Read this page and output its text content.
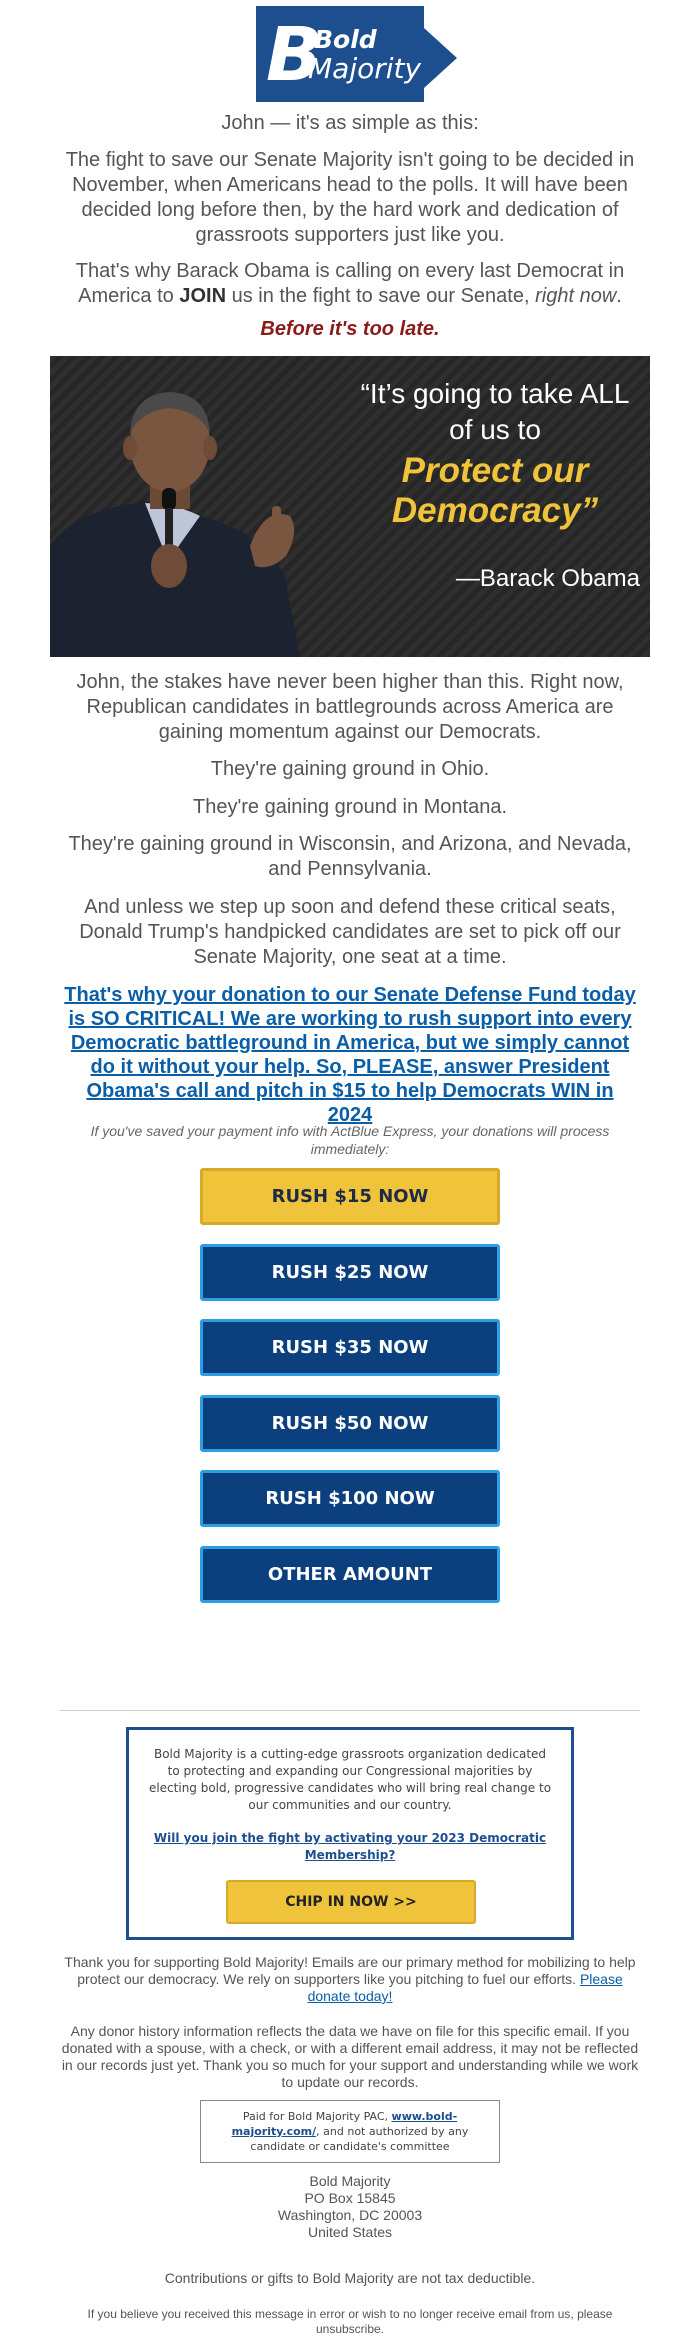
B
Bold
Majority
John — it's as simple as this:
The fight to save our Senate Majority isn't going to be decided in November, when Americans head to the polls. It will have been decided long before then, by the hard work and dedication of grassroots supporters just like you.
That's why Barack Obama is calling on every last Democrat in America to JOIN us in the fight to save our Senate, right now.
Before it's too late.
“It’s going to take ALL
of us to
Protect our
Democracy”
—Barack Obama
John, the stakes have never been higher than this. Right now, Republican candidates in battlegrounds across America are gaining momentum against our Democrats.
They're gaining ground in Ohio.
They're gaining ground in Montana.
They're gaining ground in Wisconsin, and Arizona, and Nevada, and Pennsylvania.
And unless we step up soon and defend these critical seats, Donald Trump's handpicked candidates are set to pick off our Senate Majority, one seat at a time.
That's why your donation to our Senate Defense Fund today is SO CRITICAL! We are working to rush support into every Democratic battleground in America, but we simply cannot do it without your help. So, PLEASE, answer President Obama's call and pitch in $15 to help Democrats WIN in 2024
If you've saved your payment info with ActBlue Express, your donations will process immediately:
RUSH $15 NOW
RUSH $25 NOW
RUSH $35 NOW
RUSH $50 NOW
RUSH $100 NOW
OTHER AMOUNT
Bold Majority is a cutting-edge grassroots organization dedicated to protecting and expanding our Congressional majorities by electing bold, progressive candidates who will bring real change to our communities and our country.
Will you join the fight by activating your 2023 Democratic Membership?
CHIP IN NOW >>
Thank you for supporting Bold Majority! Emails are our primary method for mobilizing to help protect our democracy. We rely on supporters like you pitching to fuel our efforts. Please donate today!
Any donor history information reflects the data we have on file for this specific email. If you donated with a spouse, with a check, or with a different email address, it may not be reflected in our records just yet. Thank you so much for your support and understanding while we work to update our records.
Paid for Bold Majority PAC, www.bold-majority.com/, and not authorized by any candidate or candidate's committee
Bold Majority
PO Box 15845
Washington, DC 20003
United States
Contributions or gifts to Bold Majority are not tax deductible.
If you believe you received this message in error or wish to no longer receive email from us, please unsubscribe.
